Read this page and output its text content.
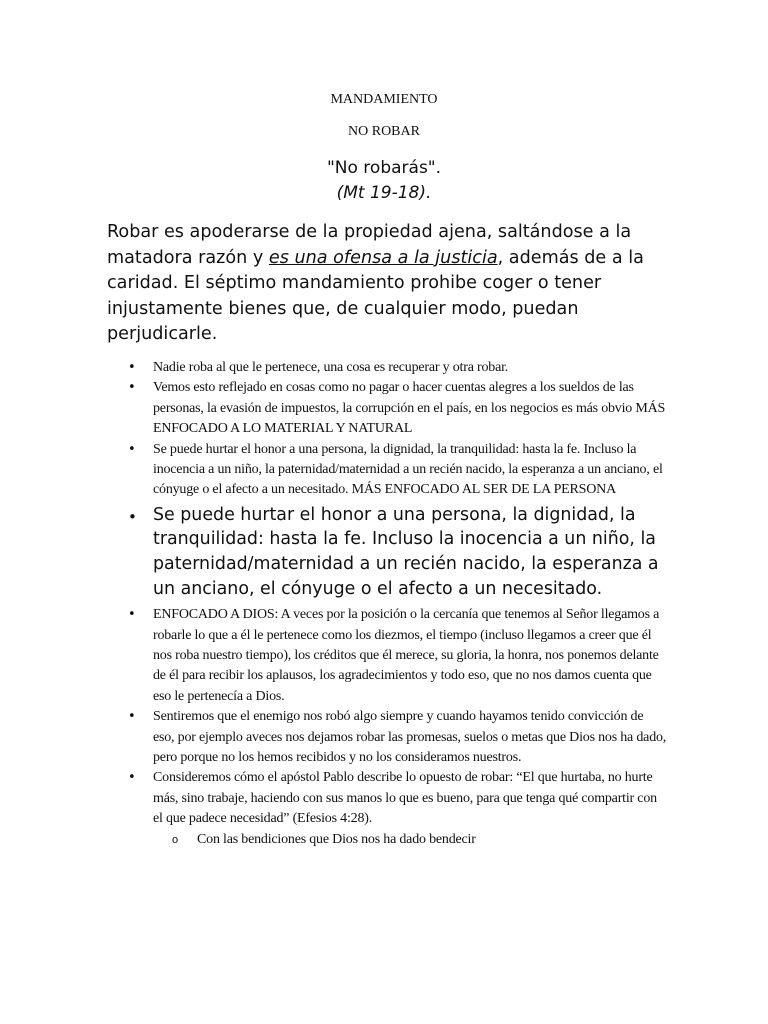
MANDAMIENTO
NO ROBAR
"No robarás".
(Mt 19-18).

Robar es apoderarse de la propiedad ajena, saltándose a la matadora razón y es una ofensa a la justicia, además de a la caridad. El séptimo mandamiento prohibe coger o tener injustamente bienes que, de cualquier modo, puedan perjudicarle.

• Nadie roba al que le pertenece, una cosa es recuperar y otra robar.
• Vemos esto reflejado en cosas como no pagar o hacer cuentas alegres a los sueldos de las personas, la evasión de impuestos, la corrupción en el país, en los negocios es más obvio MÁS ENFOCADO A LO MATERIAL Y NATURAL
• Se puede hurtar el honor a una persona, la dignidad, la tranquilidad: hasta la fe. Incluso la inocencia a un niño, la paternidad/maternidad a un recién nacido, la esperanza a un anciano, el cónyuge o el afecto a un necesitado. MÁS ENFOCADO AL SER DE LA PERSONA
• Se puede hurtar el honor a una persona, la dignidad, la tranquilidad: hasta la fe. Incluso la inocencia a un niño, la paternidad/maternidad a un recién nacido, la esperanza a un anciano, el cónyuge o el afecto a un necesitado.
• ENFOCADO A DIOS: A veces por la posición o la cercanía que tenemos al Señor llegamos a robarle lo que a él le pertenece como los diezmos, el tiempo (incluso llegamos a creer que él nos roba nuestro tiempo), los créditos que él merece, su gloria, la honra, nos ponemos delante de él para recibir los aplausos, los agradecimientos y todo eso, que no nos damos cuenta que eso le pertenecía a Dios.
• Sentiremos que el enemigo nos robó algo siempre y cuando hayamos tenido convicción de eso, por ejemplo aveces nos dejamos robar las promesas, suelos o metas que Dios nos ha dado, pero porque no los hemos recibidos y no los consideramos nuestros.
• Consideremos cómo el apóstol Pablo describe lo opuesto de robar: “El que hurtaba, no hurte más, sino trabaje, haciendo con sus manos lo que es bueno, para que tenga qué compartir con el que padece necesidad” (Efesios 4:28).
o Con las bendiciones que Dios nos ha dado bendecir
